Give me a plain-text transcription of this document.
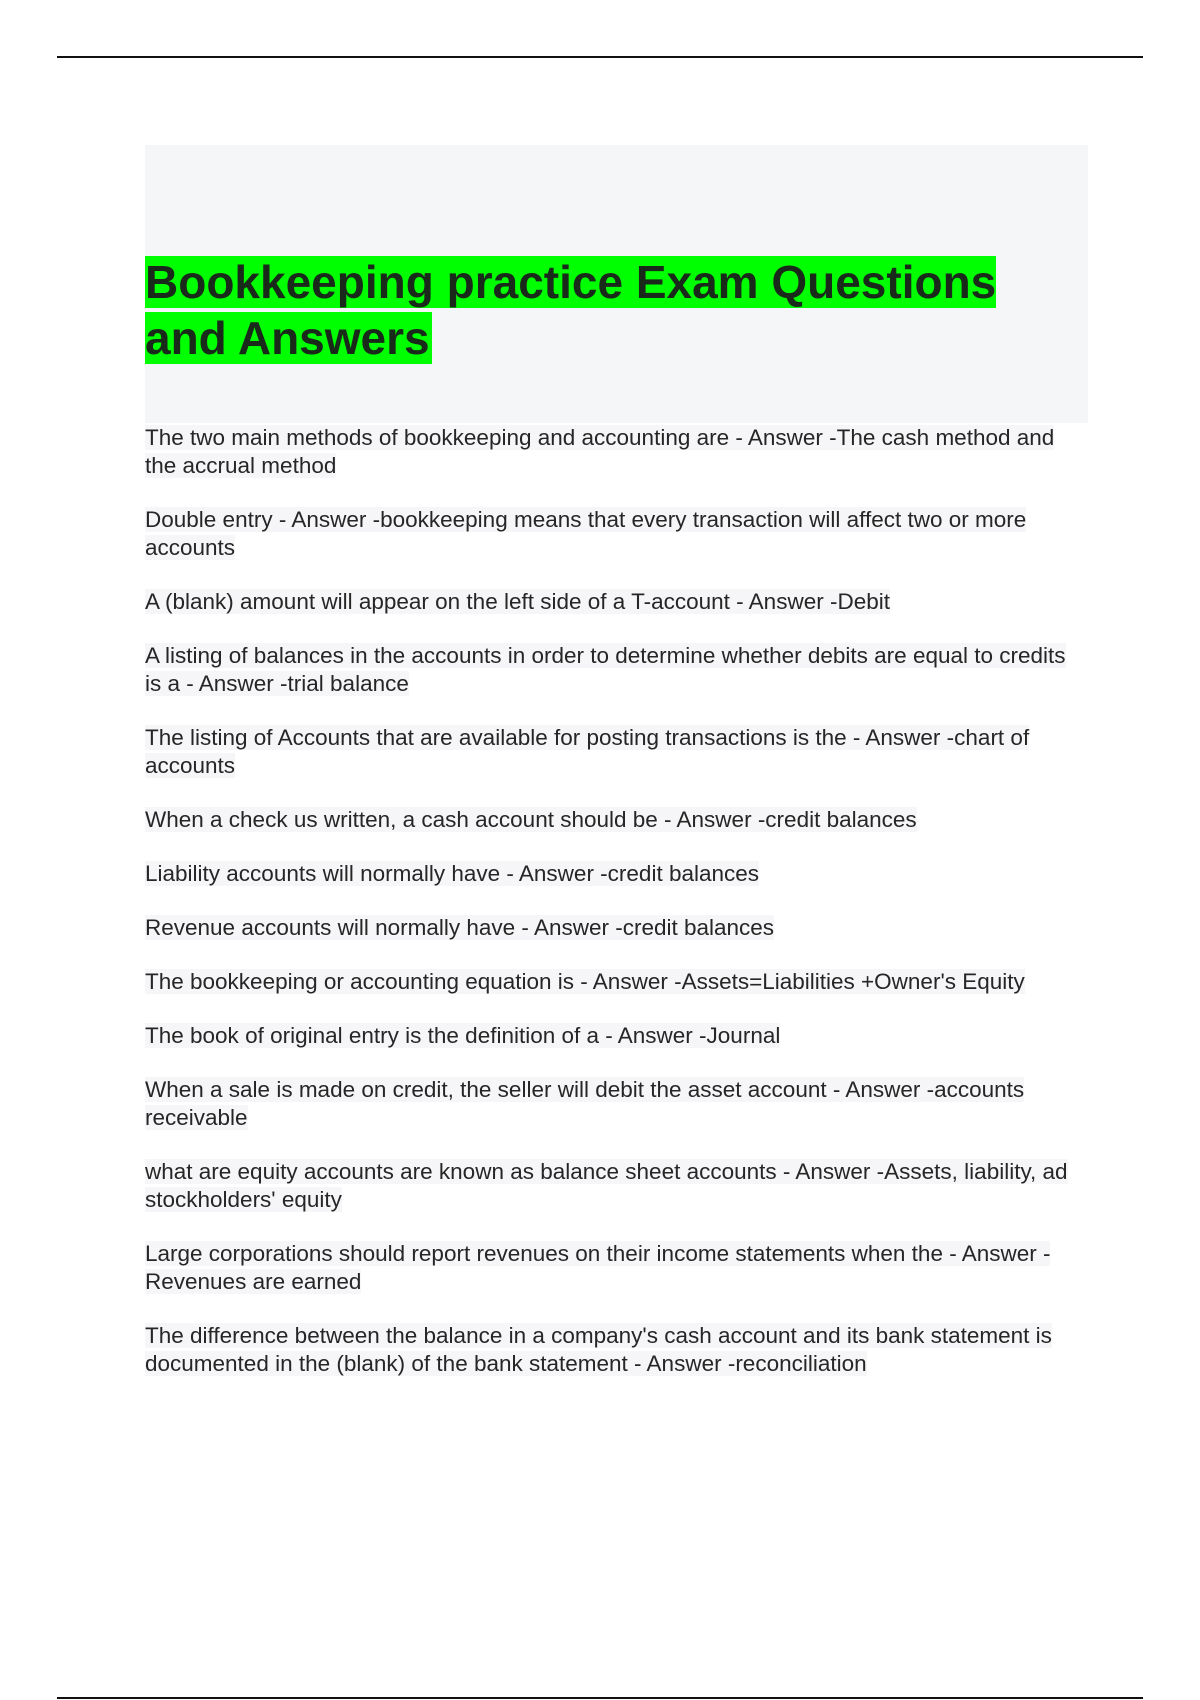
Bookkeeping practice Exam Questions and Answers
The two main methods of bookkeeping and accounting are - Answer -The cash method and the accrual method
Double entry - Answer -bookkeeping means that every transaction will affect two or more accounts
A (blank) amount will appear on the left side of a T-account - Answer -Debit
A listing of balances in the accounts in order to determine whether debits are equal to credits is a - Answer -trial balance
The listing of Accounts that are available for posting transactions is the - Answer -chart of accounts
When a check us written, a cash account should be - Answer -credit balances
Liability accounts will normally have - Answer -credit balances
Revenue accounts will normally have - Answer -credit balances
The bookkeeping or accounting equation is - Answer -Assets=Liabilities +Owner's Equity
The book of original entry is the definition of a - Answer -Journal
When a sale is made on credit, the seller will debit the asset account - Answer -accounts receivable
what are equity accounts are known as balance sheet accounts - Answer -Assets, liability, ad stockholders' equity
Large corporations should report revenues on their income statements when the - Answer -Revenues are earned
The difference between the balance in a company's cash account and its bank statement is documented in the (blank) of the bank statement - Answer -reconciliation
